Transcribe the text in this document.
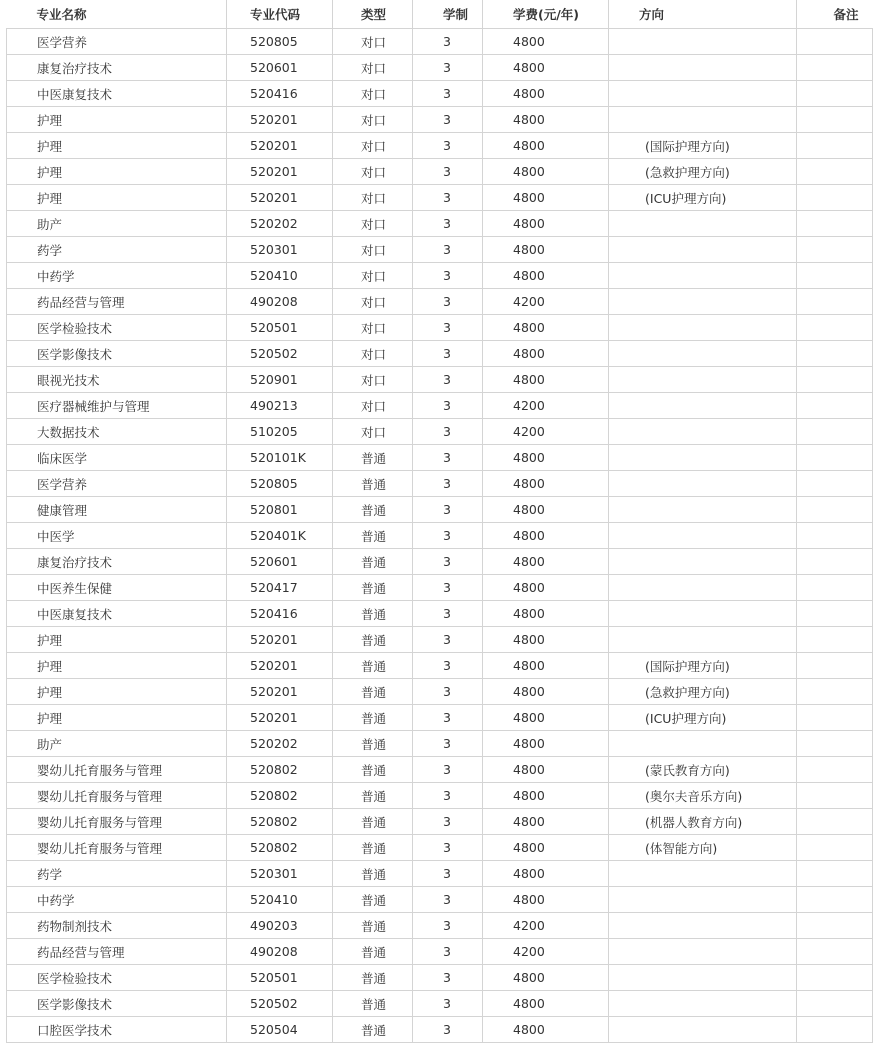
专业名称	专业代码	类型	学制	学费(元/年)	方向	备注
医学营养	520805	对口	3	4800		
康复治疗技术	520601	对口	3	4800		
中医康复技术	520416	对口	3	4800		
护理	520201	对口	3	4800		
护理	520201	对口	3	4800	(国际护理方向)	
护理	520201	对口	3	4800	(急救护理方向)	
护理	520201	对口	3	4800	(ICU护理方向)	
助产	520202	对口	3	4800		
药学	520301	对口	3	4800		
中药学	520410	对口	3	4800		
药品经营与管理	490208	对口	3	4200		
医学检验技术	520501	对口	3	4800		
医学影像技术	520502	对口	3	4800		
眼视光技术	520901	对口	3	4800		
医疗器械维护与管理	490213	对口	3	4200		
大数据技术	510205	对口	3	4200		
临床医学	520101K	普通	3	4800		
医学营养	520805	普通	3	4800		
健康管理	520801	普通	3	4800		
中医学	520401K	普通	3	4800		
康复治疗技术	520601	普通	3	4800		
中医养生保健	520417	普通	3	4800		
中医康复技术	520416	普通	3	4800		
护理	520201	普通	3	4800		
护理	520201	普通	3	4800	(国际护理方向)	
护理	520201	普通	3	4800	(急救护理方向)	
护理	520201	普通	3	4800	(ICU护理方向)	
助产	520202	普通	3	4800		
婴幼儿托育服务与管理	520802	普通	3	4800	(蒙氏教育方向)	
婴幼儿托育服务与管理	520802	普通	3	4800	(奥尔夫音乐方向)	
婴幼儿托育服务与管理	520802	普通	3	4800	(机器人教育方向)	
婴幼儿托育服务与管理	520802	普通	3	4800	(体智能方向)	
药学	520301	普通	3	4800		
中药学	520410	普通	3	4800		
药物制剂技术	490203	普通	3	4200		
药品经营与管理	490208	普通	3	4200		
医学检验技术	520501	普通	3	4800		
医学影像技术	520502	普通	3	4800		
口腔医学技术	520504	普通	3	4800		
